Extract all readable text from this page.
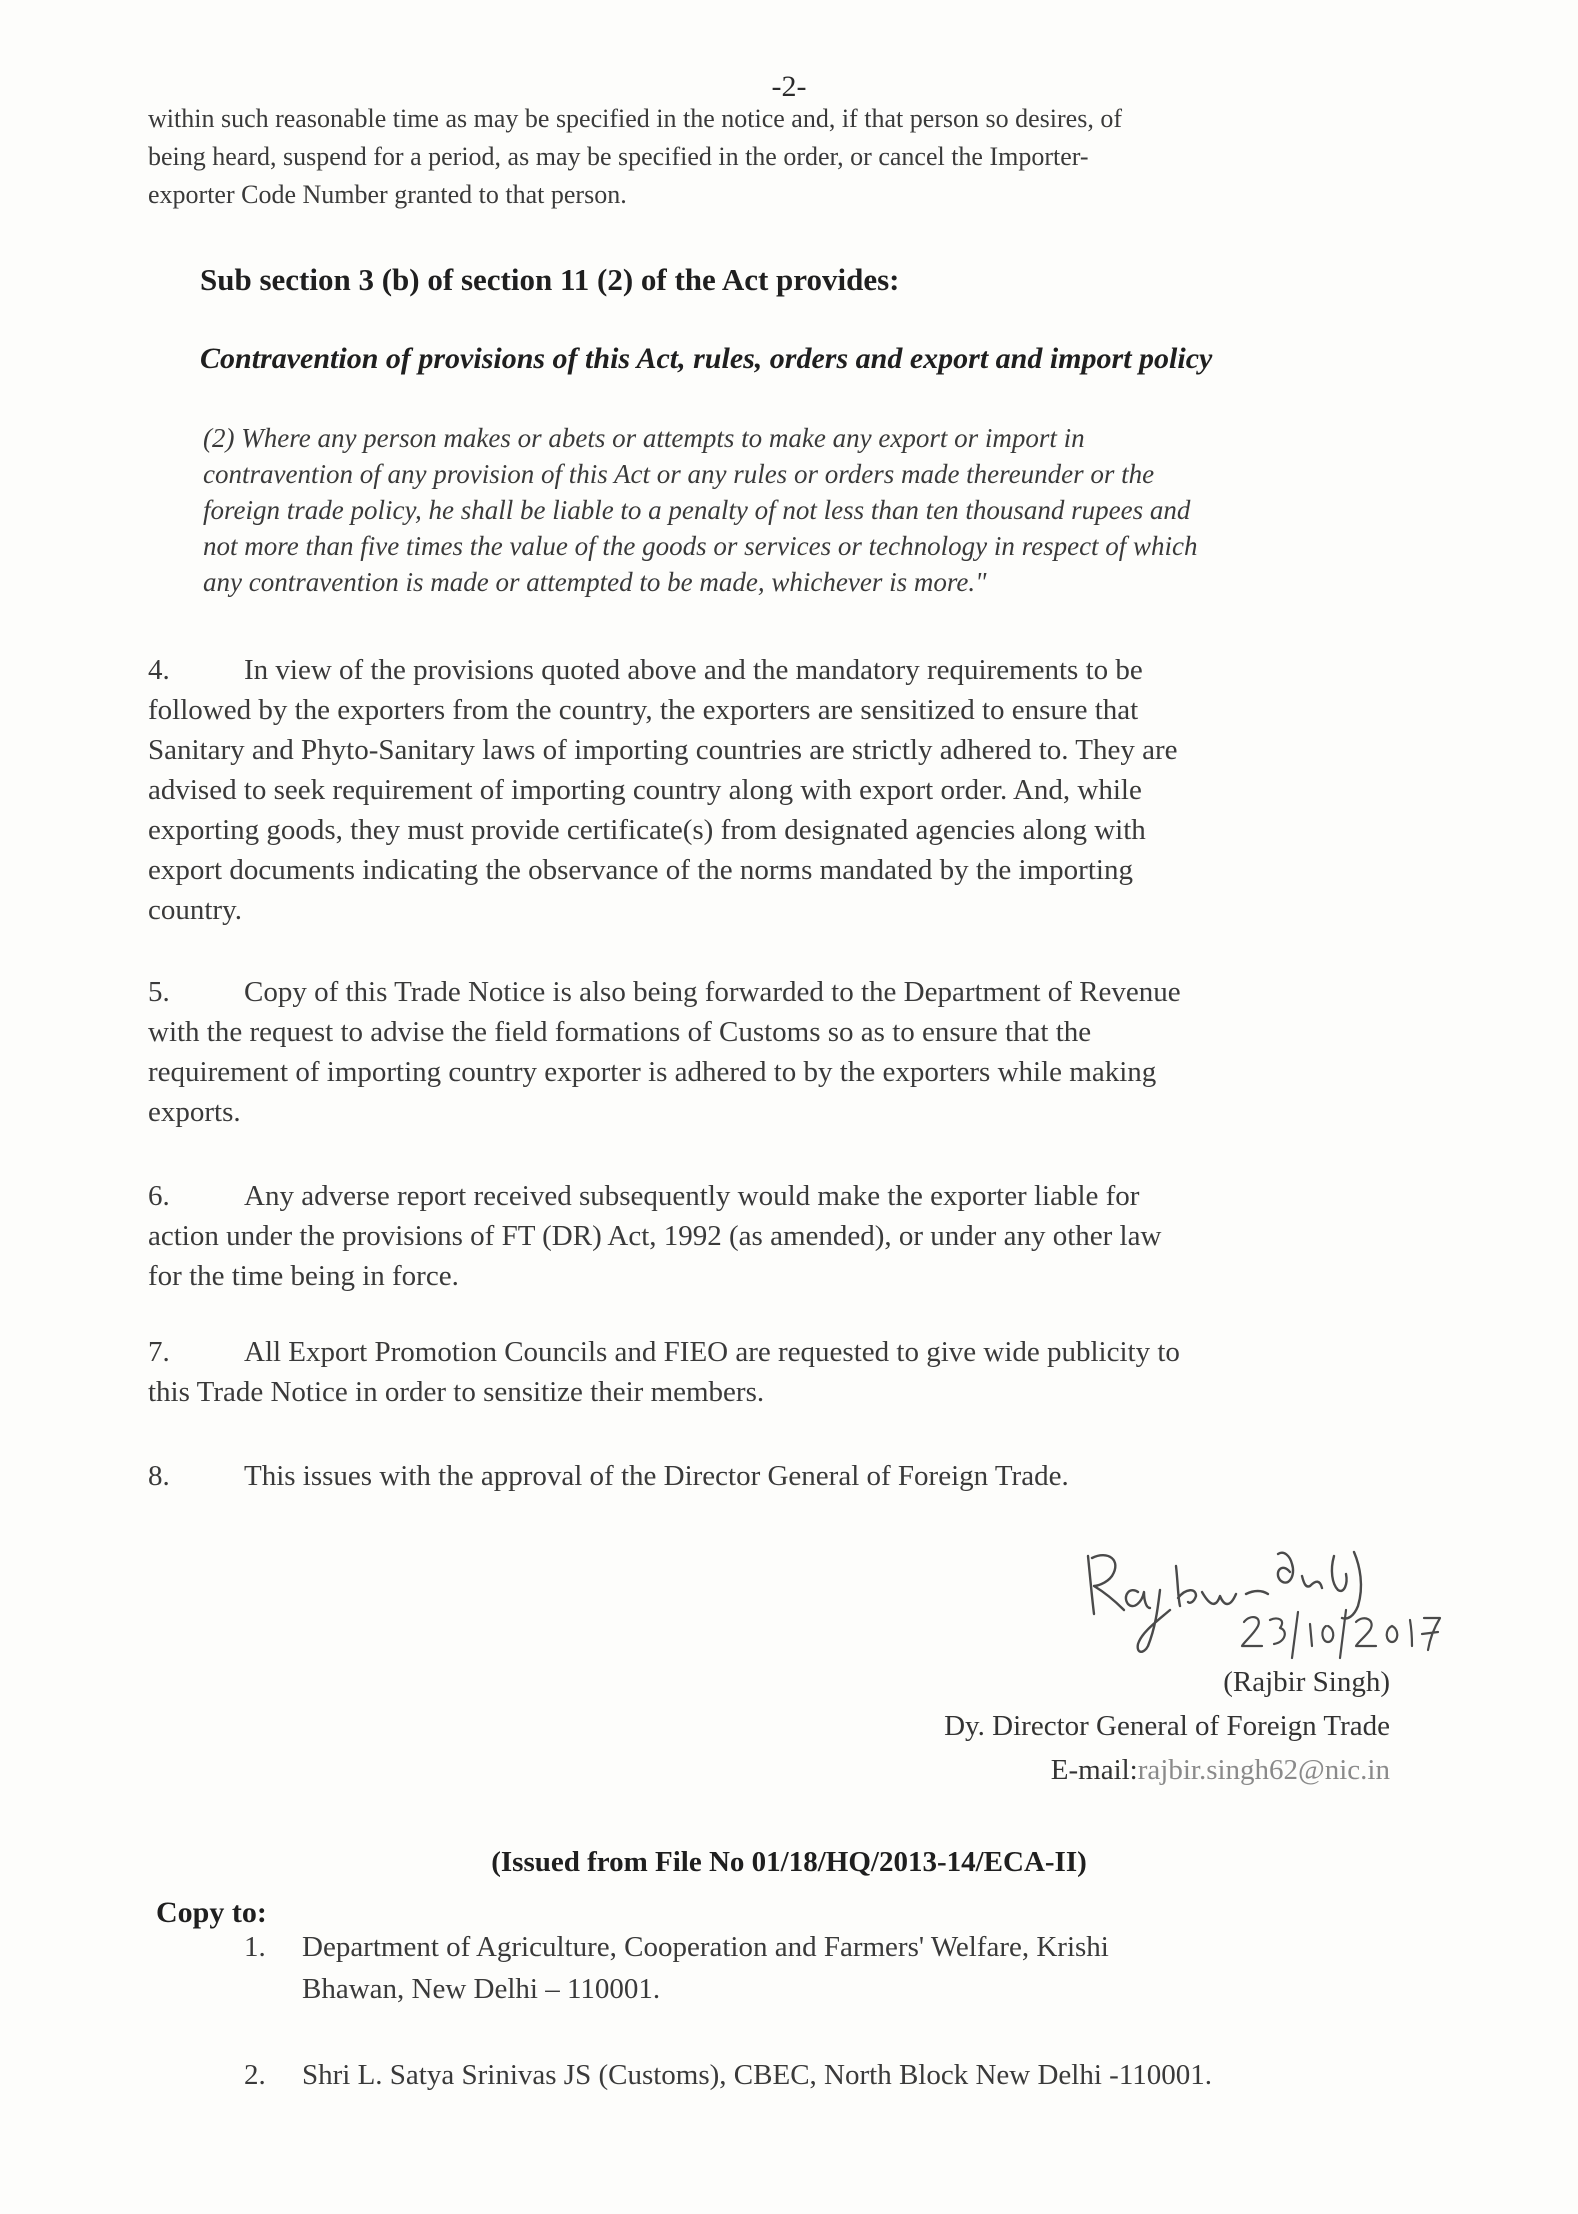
-2-
within such reasonable time as may be specified in the notice and, if that person so desires, of
being heard, suspend for a period, as may be specified in the order, or cancel the Importer-
exporter Code Number granted to that person.
Sub section 3 (b) of section 11 (2) of the Act provides:
Contravention of provisions of this Act, rules, orders and export and import policy
(2) Where any person makes or abets or attempts to make any export or import in
contravention of any provision of this Act or any rules or orders made thereunder or the
foreign trade policy, he shall be liable to a penalty of not less than ten thousand rupees and
not more than five times the value of the goods or services or technology in respect of which
any contravention is made or attempted to be made, whichever is more."
4.	In view of the provisions quoted above and the mandatory requirements to be
followed by the exporters from the country, the exporters are sensitized to ensure that
Sanitary and Phyto-Sanitary laws of importing countries are strictly adhered to. They are
advised to seek requirement of importing country along with export order. And, while
exporting goods, they must provide certificate(s) from designated agencies along with
export documents indicating the observance of the norms mandated by the importing
country.
5.	Copy of this Trade Notice is also being forwarded to the Department of Revenue
with the request to advise the field formations of Customs so as to ensure that the
requirement of importing country exporter is adhered to by the exporters while making
exports.
6.	Any adverse report received subsequently would make the exporter liable for
action under the provisions of FT (DR) Act, 1992 (as amended), or under any other law
for the time being in force.
7.	All Export Promotion Councils and FIEO are requested to give wide publicity to
this Trade Notice in order to sensitize their members.
8.	This issues with the approval of the Director General of Foreign Trade.
(Rajbir Singh)
Dy. Director General of Foreign Trade
E-mail:rajbir.singh62@nic.in
(Issued from File No 01/18/HQ/2013-14/ECA-II)
Copy to:
1. Department of Agriculture, Cooperation and Farmers' Welfare, Krishi
Bhawan, New Delhi – 110001.
2. Shri L. Satya Srinivas JS (Customs), CBEC, North Block New Delhi -110001.
